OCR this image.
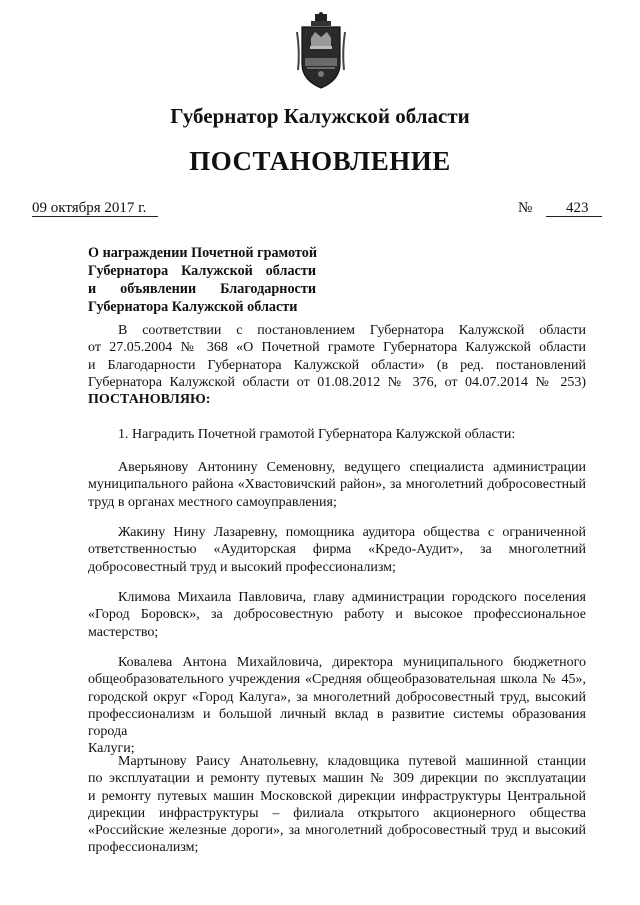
Губернатор Калужской области
ПОСТАНОВЛЕНИЕ
09 октября 2017 г.	№ 423
О награждении Почетной грамотой
Губернатора Калужской области
и объявлении Благодарности
Губернатора Калужской области
В соответствии с постановлением Губернатора Калужской области
от 27.05.2004 № 368 «О Почетной грамоте Губернатора Калужской области
и Благодарности Губернатора Калужской области» (в ред. постановлений
Губернатора Калужской области от 01.08.2012 № 376, от 04.07.2014 № 253)
ПОСТАНОВЛЯЮ:
1. Наградить Почетной грамотой Губернатора Калужской области:
Аверьянову Антонину Семеновну, ведущего специалиста администрации
муниципального района «Хвастовичский район», за многолетний добросовестный
труд в органах местного самоуправления;
Жакину Нину Лазаревну, помощника аудитора общества с ограниченной
ответственностью «Аудиторская фирма «Кредо-Аудит», за многолетний
добросовестный труд и высокий профессионализм;
Климова Михаила Павловича, главу администрации городского поселения
«Город Боровск», за добросовестную работу и высокое профессиональное
мастерство;
Ковалева Антона Михайловича, директора муниципального бюджетного
общеобразовательного учреждения «Средняя общеобразовательная школа № 45»,
городской округ «Город Калуга», за многолетний добросовестный труд, высокий
профессионализм и большой личный вклад в развитие системы образования города
Калуги;
Мартынову Раису Анатольевну, кладовщика путевой машинной станции
по эксплуатации и ремонту путевых машин № 309 дирекции по эксплуатации
и ремонту путевых машин Московской дирекции инфраструктуры Центральной
дирекции инфраструктуры – филиала открытого акционерного общества
«Российские железные дороги», за многолетний добросовестный труд и высокий
профессионализм;
